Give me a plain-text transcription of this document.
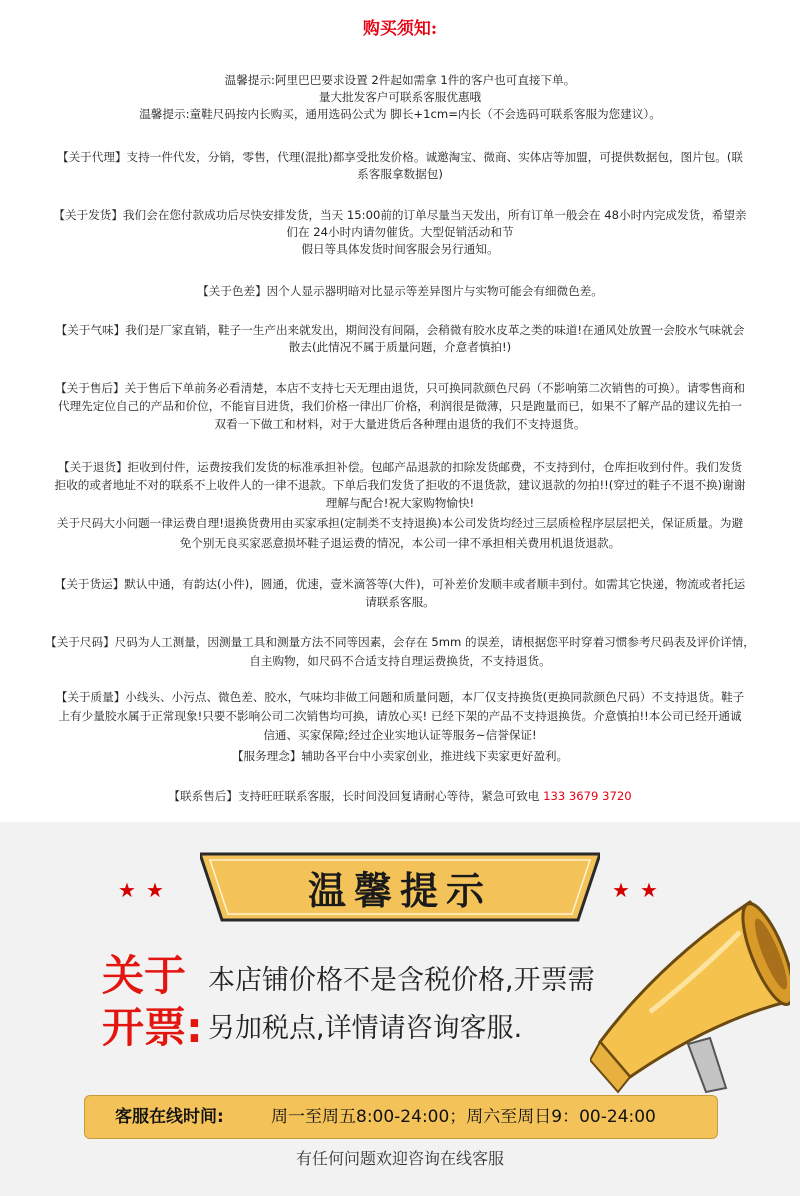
购买须知:
温馨提示:阿里巴巴要求设置 2件起如需拿 1件的客户也可直接下单。
量大批发客户可联系客服优惠哦
温馨提示:童鞋尺码按内长购买，通用选码公式为 脚长+1cm=内长（不会选码可联系客服为您建议）。
【关于代理】支持一件代发，分销，零售，代理(混批)都享受批发价格。诚邀淘宝、微商、实体店等加盟，可提供数据包，图片包。(联
系客服拿数据包)
【关于发货】我们会在您付款成功后尽快安排发货，当天 15:00前的订单尽量当天发出，所有订单一般会在 48小时内完成发货，希望亲
们在 24小时内请勿催货。大型促销活动和节
假日等具体发货时间客服会另行通知。
【关于色差】因个人显示器明暗对比显示等差异图片与实物可能会有细微色差。
【关于气味】我们是厂家直销，鞋子一生产出来就发出，期间没有间隔，会稍微有胶水皮革之类的味道!在通风处放置一会胶水气味就会
散去(此情况不属于质量问题，介意者慎拍!)
【关于售后】关于售后下单前务必看清楚，本店不支持七天无理由退货，只可换同款颜色尺码（不影响第二次销售的可换）。请零售商和
代理先定位自己的产品和价位，不能盲目进货，我们价格一律出厂价格，利润很是微薄，只是跑量而已，如果不了解产品的建议先拍一
双看一下做工和材料，对于大量进货后各种理由退货的我们不支持退货。
【关于退货】拒收到付件，运费按我们发货的标准承担补偿。包邮产品退款的扣除发货邮费，不支持到付，仓库拒收到付件。我们发货
拒收的或者地址不对的联系不上收件人的一律不退款。下单后我们发货了拒收的不退货款，建议退款的勿拍!!(穿过的鞋子不退不换)谢谢
理解与配合!祝大家购物愉快!
关于尺码大小问题一律运费自理!退换货费用由买家承担(定制类不支持退换)本公司发货均经过三层质检程序层层把关，保证质量。为避
免个别无良买家恶意损坏鞋子退运费的情况，本公司一律不承担相关费用机退货退款。
【关于货运】默认中通，有韵达(小件)，圆通，优速，壹米滴答等(大件)，可补差价发顺丰或者顺丰到付。如需其它快递，物流或者托运
请联系客服。
【关于尺码】尺码为人工测量，因测量工具和测量方法不同等因素，会存在 5mm 的误差，请根据您平时穿着习惯参考尺码表及评价详情，
自主购物，如尺码不合适支持自理运费换货，不支持退货。
【关于质量】小线头、小污点、微色差、胶水，气味均非做工问题和质量问题，本厂仅支持换货(更换同款颜色尺码）不支持退货。鞋子
上有少量胶水属于正常现象!只要不影响公司二次销售均可换，请放心买! 已经下架的产品不支持退换货。介意慎拍!!本公司已经开通诚
信通、买家保障;经过企业实地认证等服务~信誉保证!
【服务理念】辅助各平台中小卖家创业，推进线下卖家更好盈利。
【联系售后】支持旺旺联系客服，长时间没回复请耐心等待，紧急可致电 133 3679 3720
★ ★	★ ★
温馨提示
关于
开票:
本店铺价格不是含税价格,开票需
另加税点,详情请咨询客服.
客服在线时间:	周一至周五8:00-24:00；周六至周日9：00-24:00
有任何问题欢迎咨询在线客服
